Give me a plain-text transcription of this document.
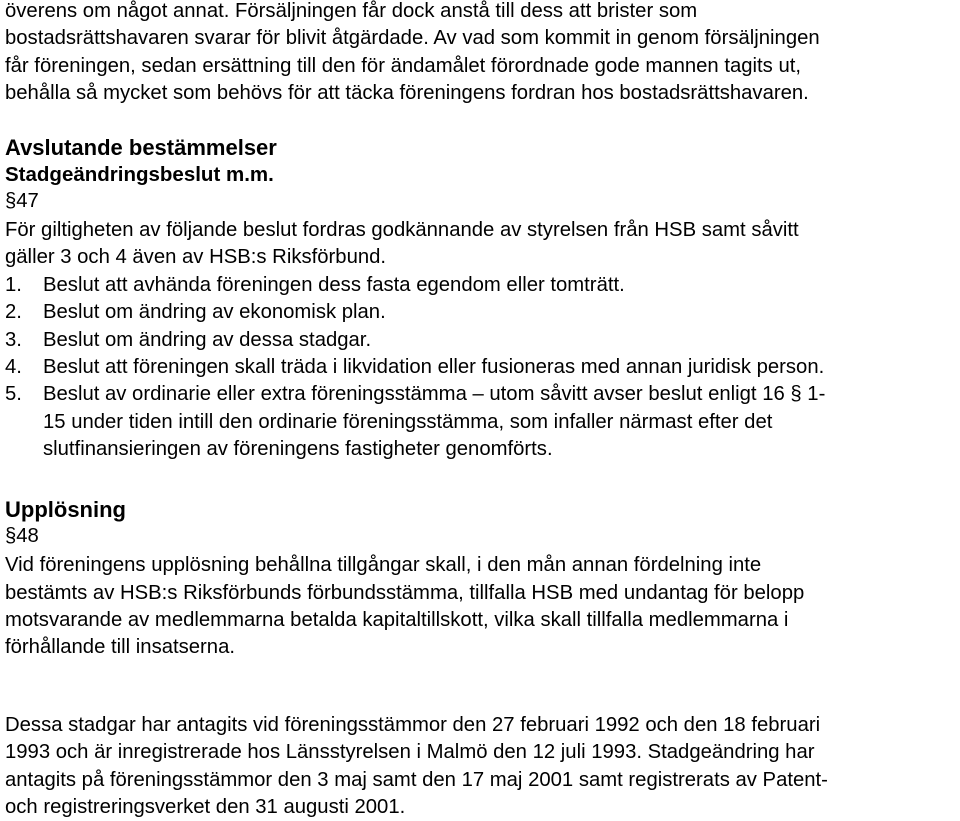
överens om något annat. Försäljningen får dock anstå till dess att brister som
bostadsrättshavaren svarar för blivit åtgärdade. Av vad som kommit in genom försäljningen
får föreningen, sedan ersättning till den för ändamålet förordnade gode mannen tagits ut,
behålla så mycket som behövs för att täcka föreningens fordran hos bostadsrättshavaren.

Avslutande bestämmelser
Stadgeändringsbeslut m.m.

§47

För giltigheten av följande beslut fordras godkännande av styrelsen från HSB samt såvitt
gäller 3 och 4 även av HSB:s Riksförbund.

1. Beslut att avhända föreningen dess fasta egendom eller tomträtt.
2. Beslut om ändring av ekonomisk plan.
3. Beslut om ändring av dessa stadgar.
4. Beslut att föreningen skall träda i likvidation eller fusioneras med annan juridisk person.
5. Beslut av ordinarie eller extra föreningsstämma – utom såvitt avser beslut enligt 16 § 1-
15 under tiden intill den ordinarie föreningsstämma, som infaller närmast efter det
slutfinansieringen av föreningens fastigheter genomförts.
Upplösning

§48

Vid föreningens upplösning behållna tillgångar skall, i den mån annan fördelning inte
bestämts av HSB:s Riksförbunds förbundsstämma, tillfalla HSB med undantag för belopp
motsvarande av medlemmarna betalda kapitaltillskott, vilka skall tillfalla medlemmarna i
förhållande till insatserna.

Dessa stadgar har antagits vid föreningsstämmor den 27 februari 1992 och den 18 februari
1993 och är inregistrerade hos Länsstyrelsen i Malmö den 12 juli 1993. Stadgeändring har
antagits på föreningsstämmor den 3 maj samt den 17 maj 2001 samt registrerats av Patent-
och registreringsverket den 31 augusti 2001.
